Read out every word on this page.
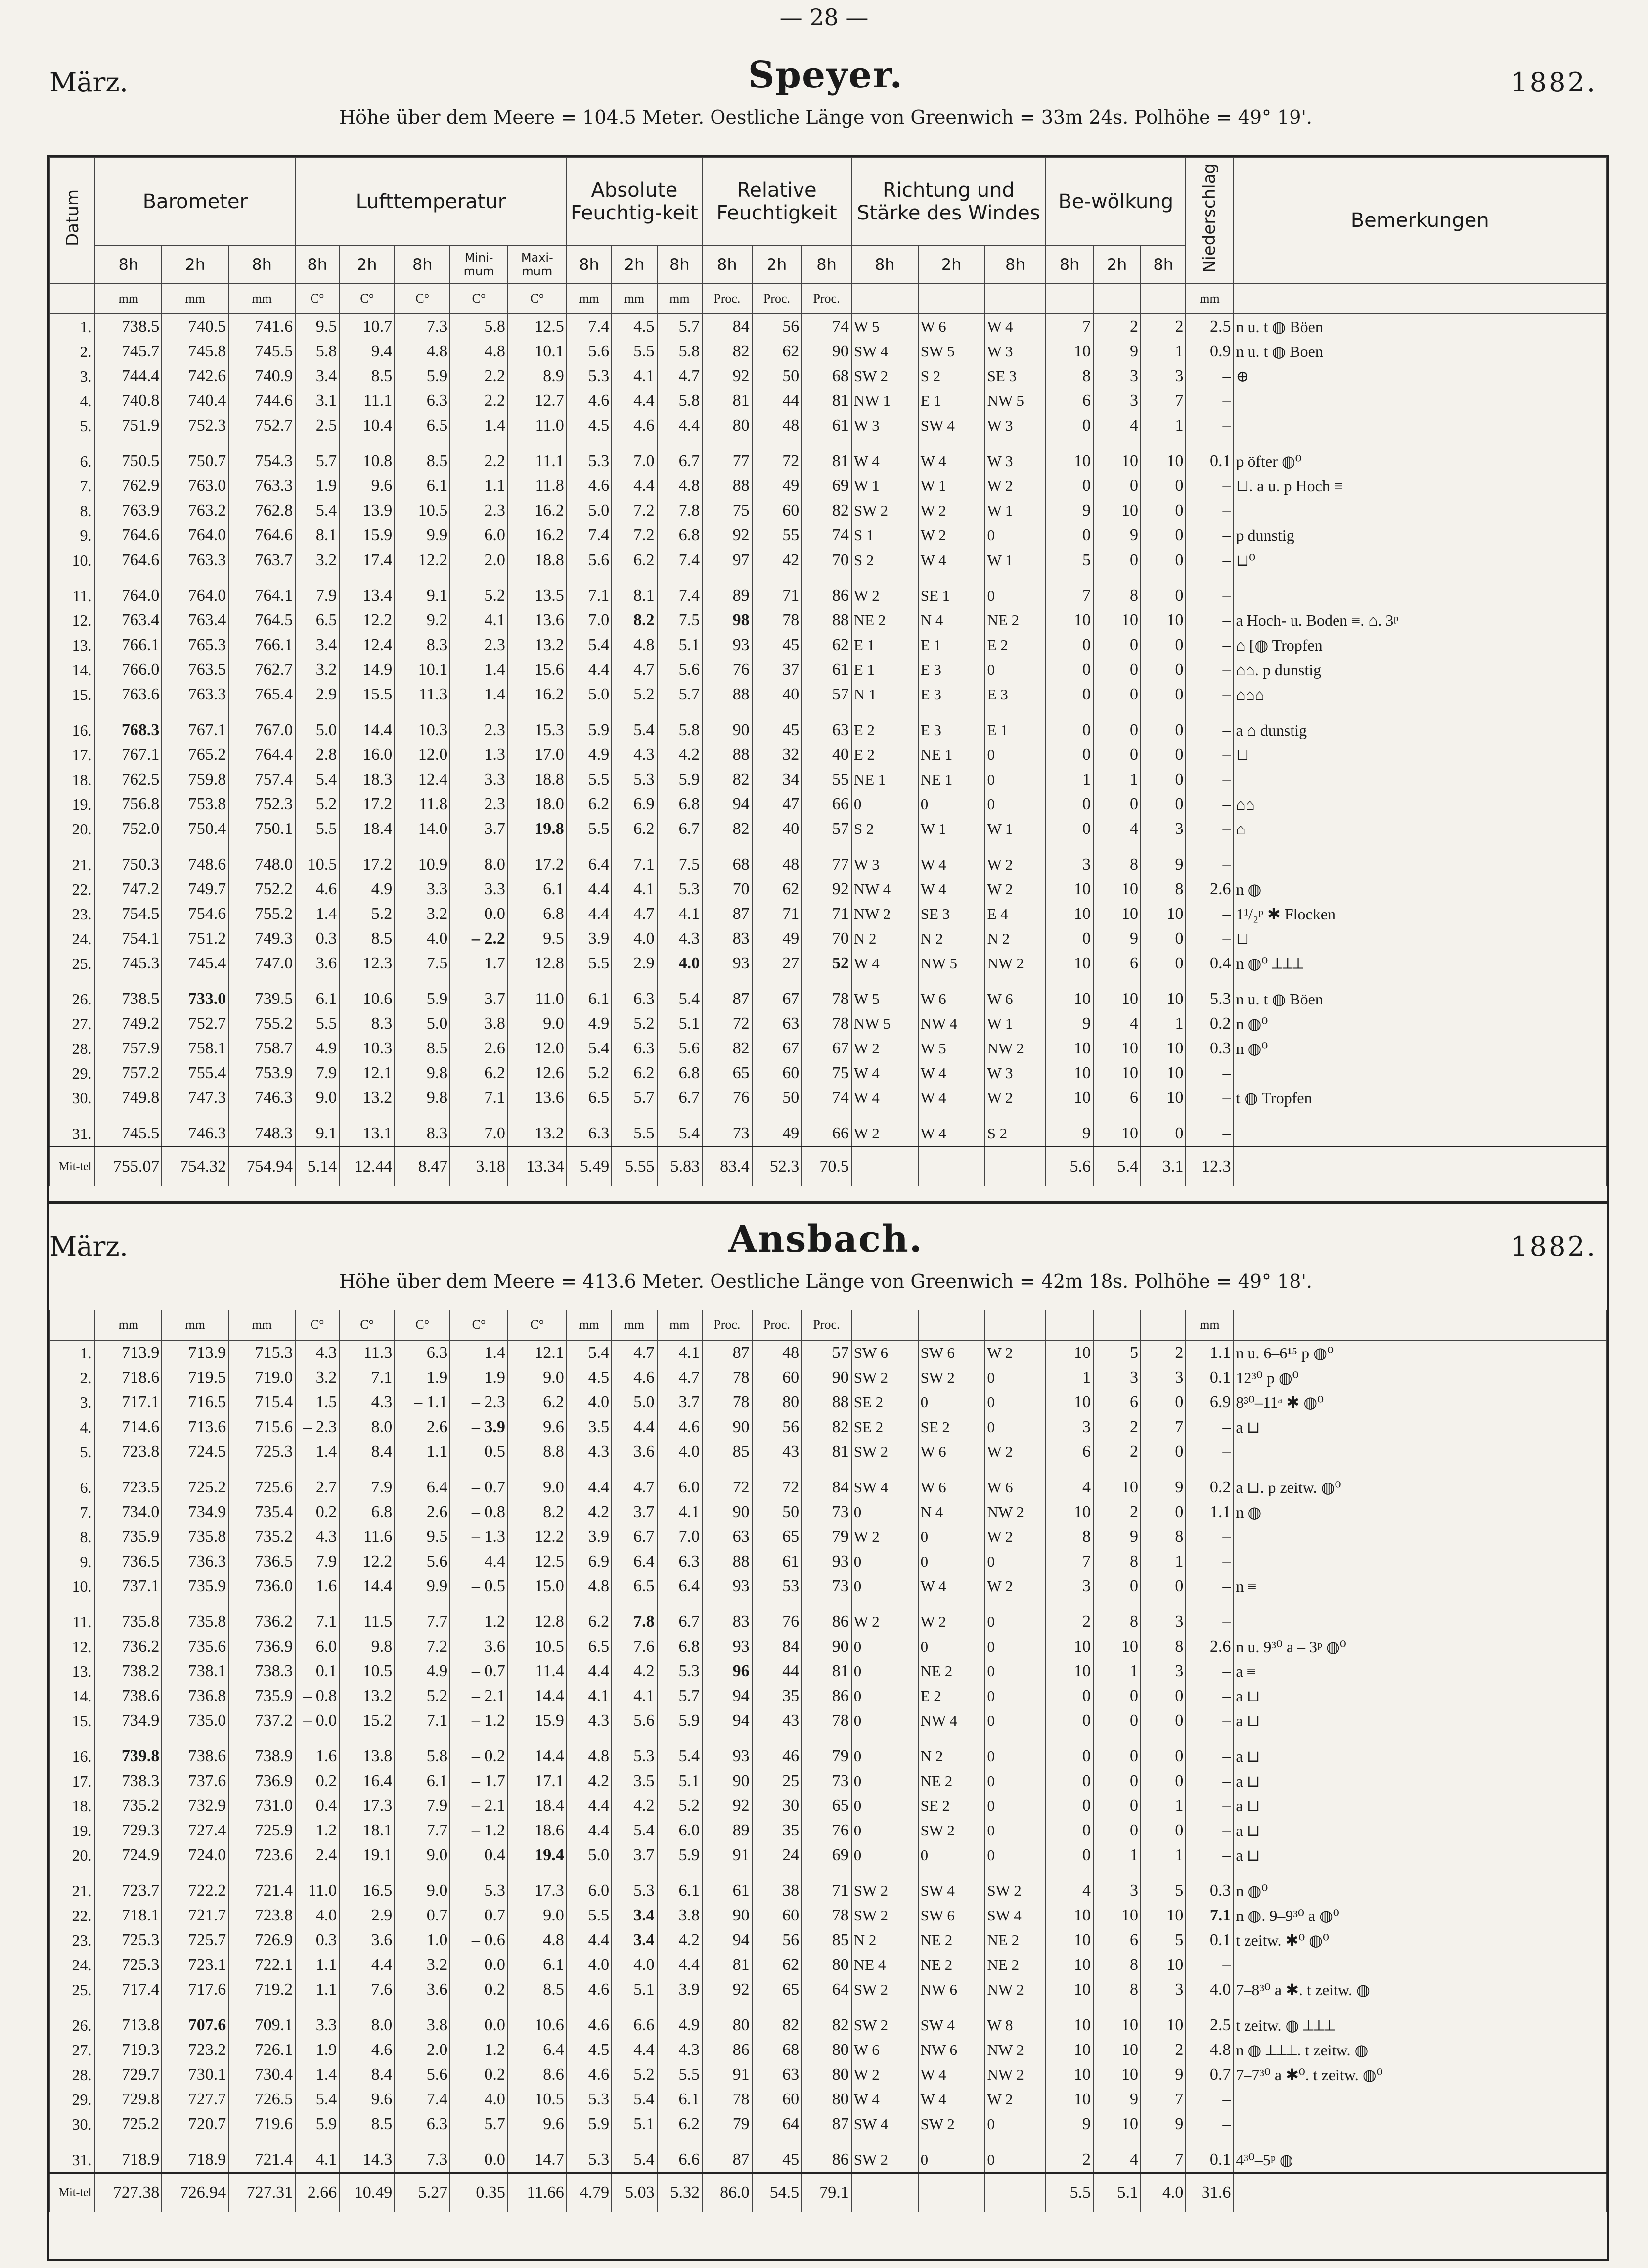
— 28 —
März.	Speyer.	1882.
Höhe über dem Meere = 104.5 Meter. Oestliche Länge von Greenwich = 33m 24s. Polhöhe = 49° 19'.
Datum	Barometer			Lufttemperatur					Absolute Feuchtig-keit			Relative Feuchtigkeit			Richtung und Stärke des Windes			Be-wölkung			Niederschlag	Bemerkungen
	8h	2h	8h	8h	2h	8h	Mini-mum	Maxi-mum	8h	2h	8h	8h	2h	8h	8h	2h	8h	8h	2h	8h		
	mm	mm	mm	C°	C°	C°	C°	C°	mm	mm	mm	Proc.	Proc.	Proc.							mm	
1.	738.5	740.5	741.6	9.5	10.7	7.3	5.8	12.5	7.4	4.5	5.7	84	56	74	W 5	W 6	W 4	7	2	2	2.5	n u. t ◍ Böen
2.	745.7	745.8	745.5	5.8	9.4	4.8	4.8	10.1	5.6	5.5	5.8	82	62	90	SW 4	SW 5	W 3	10	9	1	0.9	n u. t ◍ Boen
3.	744.4	742.6	740.9	3.4	8.5	5.9	2.2	8.9	5.3	4.1	4.7	92	50	68	SW 2	S 2	SE 3	8	3	3	–	⊕
4.	740.8	740.4	744.6	3.1	11.1	6.3	2.2	12.7	4.6	4.4	5.8	81	44	81	NW 1	E 1	NW 5	6	3	7	–	
5.	751.9	752.3	752.7	2.5	10.4	6.5	1.4	11.0	4.5	4.6	4.4	80	48	61	W 3	SW 4	W 3	0	4	1	–	

6.	750.5	750.7	754.3	5.7	10.8	8.5	2.2	11.1	5.3	7.0	6.7	77	72	81	W 4	W 4	W 3	10	10	10	0.1	p öfter ◍⁰
7.	762.9	763.0	763.3	1.9	9.6	6.1	1.1	11.8	4.6	4.4	4.8	88	49	69	W 1	W 1	W 2	0	0	0	–	⊔. a u. p Hoch ≡
8.	763.9	763.2	762.8	5.4	13.9	10.5	2.3	16.2	5.0	7.2	7.8	75	60	82	SW 2	W 2	W 1	9	10	0	–	
9.	764.6	764.0	764.6	8.1	15.9	9.9	6.0	16.2	7.4	7.2	6.8	92	55	74	S 1	W 2	0	0	9	0	–	p dunstig
10.	764.6	763.3	763.7	3.2	17.4	12.2	2.0	18.8	5.6	6.2	7.4	97	42	70	S 2	W 4	W 1	5	0	0	–	⊔⁰

11.	764.0	764.0	764.1	7.9	13.4	9.1	5.2	13.5	7.1	8.1	7.4	89	71	86	W 2	SE 1	0	7	8	0	–	
12.	763.4	763.4	764.5	6.5	12.2	9.2	4.1	13.6	7.0	8.2	7.5	98	78	88	NE 2	N 4	NE 2	10	10	10	–	a Hoch- u. Boden ≡. ⌂. 3ᵖ
13.	766.1	765.3	766.1	3.4	12.4	8.3	2.3	13.2	5.4	4.8	5.1	93	45	62	E 1	E 1	E 2	0	0	0	–	⌂ [◍ Tropfen
14.	766.0	763.5	762.7	3.2	14.9	10.1	1.4	15.6	4.4	4.7	5.6	76	37	61	E 1	E 3	0	0	0	0	–	⌂⌂. p dunstig
15.	763.6	763.3	765.4	2.9	15.5	11.3	1.4	16.2	5.0	5.2	5.7	88	40	57	N 1	E 3	E 3	0	0	0	–	⌂⌂⌂

16.	768.3	767.1	767.0	5.0	14.4	10.3	2.3	15.3	5.9	5.4	5.8	90	45	63	E 2	E 3	E 1	0	0	0	–	a ⌂ dunstig
17.	767.1	765.2	764.4	2.8	16.0	12.0	1.3	17.0	4.9	4.3	4.2	88	32	40	E 2	NE 1	0	0	0	0	–	⊔
18.	762.5	759.8	757.4	5.4	18.3	12.4	3.3	18.8	5.5	5.3	5.9	82	34	55	NE 1	NE 1	0	1	1	0	–	
19.	756.8	753.8	752.3	5.2	17.2	11.8	2.3	18.0	6.2	6.9	6.8	94	47	66	0	0	0	0	0	0	–	⌂⌂
20.	752.0	750.4	750.1	5.5	18.4	14.0	3.7	19.8	5.5	6.2	6.7	82	40	57	S 2	W 1	W 1	0	4	3	–	⌂

21.	750.3	748.6	748.0	10.5	17.2	10.9	8.0	17.2	6.4	7.1	7.5	68	48	77	W 3	W 4	W 2	3	8	9	–	
22.	747.2	749.7	752.2	4.6	4.9	3.3	3.3	6.1	4.4	4.1	5.3	70	62	92	NW 4	W 4	W 2	10	10	8	2.6	n ◍
23.	754.5	754.6	755.2	1.4	5.2	3.2	0.0	6.8	4.4	4.7	4.1	87	71	71	NW 2	SE 3	E 4	10	10	10	–	1¹/₂ᵖ ✱ Flocken
24.	754.1	751.2	749.3	0.3	8.5	4.0	– 2.2	9.5	3.9	4.0	4.3	83	49	70	N 2	N 2	N 2	0	9	0	–	⊔
25.	745.3	745.4	747.0	3.6	12.3	7.5	1.7	12.8	5.5	2.9	4.0	93	27	52	W 4	NW 5	NW 2	10	6	0	0.4	n ◍⁰ ⟂⟂⟂

26.	738.5	733.0	739.5	6.1	10.6	5.9	3.7	11.0	6.1	6.3	5.4	87	67	78	W 5	W 6	W 6	10	10	10	5.3	n u. t ◍ Böen
27.	749.2	752.7	755.2	5.5	8.3	5.0	3.8	9.0	4.9	5.2	5.1	72	63	78	NW 5	NW 4	W 1	9	4	1	0.2	n ◍⁰
28.	757.9	758.1	758.7	4.9	10.3	8.5	2.6	12.0	5.4	6.3	5.6	82	67	67	W 2	W 5	NW 2	10	10	10	0.3	n ◍⁰
29.	757.2	755.4	753.9	7.9	12.1	9.8	6.2	12.6	5.2	6.2	6.8	65	60	75	W 4	W 4	W 3	10	10	10	–	
30.	749.8	747.3	746.3	9.0	13.2	9.8	7.1	13.6	6.5	5.7	6.7	76	50	74	W 4	W 4	W 2	10	6	10	–	t ◍ Tropfen

31.	745.5	746.3	748.3	9.1	13.1	8.3	7.0	13.2	6.3	5.5	5.4	73	49	66	W 2	W 4	S 2	9	10	0	–	
Mit-tel	755.07	754.32	754.94	5.14	12.44	8.47	3.18	13.34	5.49	5.55	5.83	83.4	52.3	70.5				5.6	5.4	3.1	12.3	
März.	Ansbach.	1882.
Höhe über dem Meere = 413.6 Meter. Oestliche Länge von Greenwich = 42m 18s. Polhöhe = 49° 18'.
	mm	mm	mm	C°	C°	C°	C°	C°	mm	mm	mm	Proc.	Proc.	Proc.							mm	
1.	713.9	713.9	715.3	4.3	11.3	6.3	1.4	12.1	5.4	4.7	4.1	87	48	57	SW 6	SW 6	W 2	10	5	2	1.1	n u. 6–6¹⁵ p ◍⁰
2.	718.6	719.5	719.0	3.2	7.1	1.9	1.9	9.0	4.5	4.6	4.7	78	60	90	SW 2	SW 2	0	1	3	3	0.1	12³⁰ p ◍⁰
3.	717.1	716.5	715.4	1.5	4.3	– 1.1	– 2.3	6.2	4.0	5.0	3.7	78	80	88	SE 2	0	0	10	6	0	6.9	8³⁰–11ᵃ ✱ ◍⁰
4.	714.6	713.6	715.6	– 2.3	8.0	2.6	– 3.9	9.6	3.5	4.4	4.6	90	56	82	SE 2	SE 2	0	3	2	7	–	a ⊔
5.	723.8	724.5	725.3	1.4	8.4	1.1	0.5	8.8	4.3	3.6	4.0	85	43	81	SW 2	W 6	W 2	6	2	0	–	

6.	723.5	725.2	725.6	2.7	7.9	6.4	– 0.7	9.0	4.4	4.7	6.0	72	72	84	SW 4	W 6	W 6	4	10	9	0.2	a ⊔. p zeitw. ◍⁰
7.	734.0	734.9	735.4	0.2	6.8	2.6	– 0.8	8.2	4.2	3.7	4.1	90	50	73	0	N 4	NW 2	10	2	0	1.1	n ◍
8.	735.9	735.8	735.2	4.3	11.6	9.5	– 1.3	12.2	3.9	6.7	7.0	63	65	79	W 2	0	W 2	8	9	8	–	
9.	736.5	736.3	736.5	7.9	12.2	5.6	4.4	12.5	6.9	6.4	6.3	88	61	93	0	0	0	7	8	1	–	
10.	737.1	735.9	736.0	1.6	14.4	9.9	– 0.5	15.0	4.8	6.5	6.4	93	53	73	0	W 4	W 2	3	0	0	–	n ≡

11.	735.8	735.8	736.2	7.1	11.5	7.7	1.2	12.8	6.2	7.8	6.7	83	76	86	W 2	W 2	0	2	8	3	–	
12.	736.2	735.6	736.9	6.0	9.8	7.2	3.6	10.5	6.5	7.6	6.8	93	84	90	0	0	0	10	10	8	2.6	n u. 9³⁰ a – 3ᵖ ◍⁰
13.	738.2	738.1	738.3	0.1	10.5	4.9	– 0.7	11.4	4.4	4.2	5.3	96	44	81	0	NE 2	0	10	1	3	–	a ≡
14.	738.6	736.8	735.9	– 0.8	13.2	5.2	– 2.1	14.4	4.1	4.1	5.7	94	35	86	0	E 2	0	0	0	0	–	a ⊔
15.	734.9	735.0	737.2	– 0.0	15.2	7.1	– 1.2	15.9	4.3	5.6	5.9	94	43	78	0	NW 4	0	0	0	0	–	a ⊔

16.	739.8	738.6	738.9	1.6	13.8	5.8	– 0.2	14.4	4.8	5.3	5.4	93	46	79	0	N 2	0	0	0	0	–	a ⊔
17.	738.3	737.6	736.9	0.2	16.4	6.1	– 1.7	17.1	4.2	3.5	5.1	90	25	73	0	NE 2	0	0	0	0	–	a ⊔
18.	735.2	732.9	731.0	0.4	17.3	7.9	– 2.1	18.4	4.4	4.2	5.2	92	30	65	0	SE 2	0	0	0	1	–	a ⊔
19.	729.3	727.4	725.9	1.2	18.1	7.7	– 1.2	18.6	4.4	5.4	6.0	89	35	76	0	SW 2	0	0	0	0	–	a ⊔
20.	724.9	724.0	723.6	2.4	19.1	9.0	0.4	19.4	5.0	3.7	5.9	91	24	69	0	0	0	0	1	1	–	a ⊔

21.	723.7	722.2	721.4	11.0	16.5	9.0	5.3	17.3	6.0	5.3	6.1	61	38	71	SW 2	SW 4	SW 2	4	3	5	0.3	n ◍⁰
22.	718.1	721.7	723.8	4.0	2.9	0.7	0.7	9.0	5.5	3.4	3.8	90	60	78	SW 2	SW 6	SW 4	10	10	10	7.1	n ◍. 9–9³⁰ a ◍⁰
23.	725.3	725.7	726.9	0.3	3.6	1.0	– 0.6	4.8	4.4	3.4	4.2	94	56	85	N 2	NE 2	NE 2	10	6	5	0.1	t zeitw. ✱⁰ ◍⁰
24.	725.3	723.1	722.1	1.1	4.4	3.2	0.0	6.1	4.0	4.0	4.4	81	62	80	NE 4	NE 2	NE 2	10	8	10	–	
25.	717.4	717.6	719.2	1.1	7.6	3.6	0.2	8.5	4.6	5.1	3.9	92	65	64	SW 2	NW 6	NW 2	10	8	3	4.0	7–8³⁰ a ✱. t zeitw. ◍

26.	713.8	707.6	709.1	3.3	8.0	3.8	0.0	10.6	4.6	6.6	4.9	80	82	82	SW 2	SW 4	W 8	10	10	10	2.5	t zeitw. ◍ ⟂⟂⟂
27.	719.3	723.2	726.1	1.9	4.6	2.0	1.2	6.4	4.5	4.4	4.3	86	68	80	W 6	NW 6	NW 2	10	10	2	4.8	n ◍ ⟂⟂⟂. t zeitw. ◍
28.	729.7	730.1	730.4	1.4	8.4	5.6	0.2	8.6	4.6	5.2	5.5	91	63	80	W 2	W 4	NW 2	10	10	9	0.7	7–7³⁰ a ✱⁰. t zeitw. ◍⁰
29.	729.8	727.7	726.5	5.4	9.6	7.4	4.0	10.5	5.3	5.4	6.1	78	60	80	W 4	W 4	W 2	10	9	7	–	
30.	725.2	720.7	719.6	5.9	8.5	6.3	5.7	9.6	5.9	5.1	6.2	79	64	87	SW 4	SW 2	0	9	10	9	–	

31.	718.9	718.9	721.4	4.1	14.3	7.3	0.0	14.7	5.3	5.4	6.6	87	45	86	SW 2	0	0	2	4	7	0.1	4³⁰–5ᵖ ◍
Mit-tel	727.38	726.94	727.31	2.66	10.49	5.27	0.35	11.66	4.79	5.03	5.32	86.0	54.5	79.1				5.5	5.1	4.0	31.6	
